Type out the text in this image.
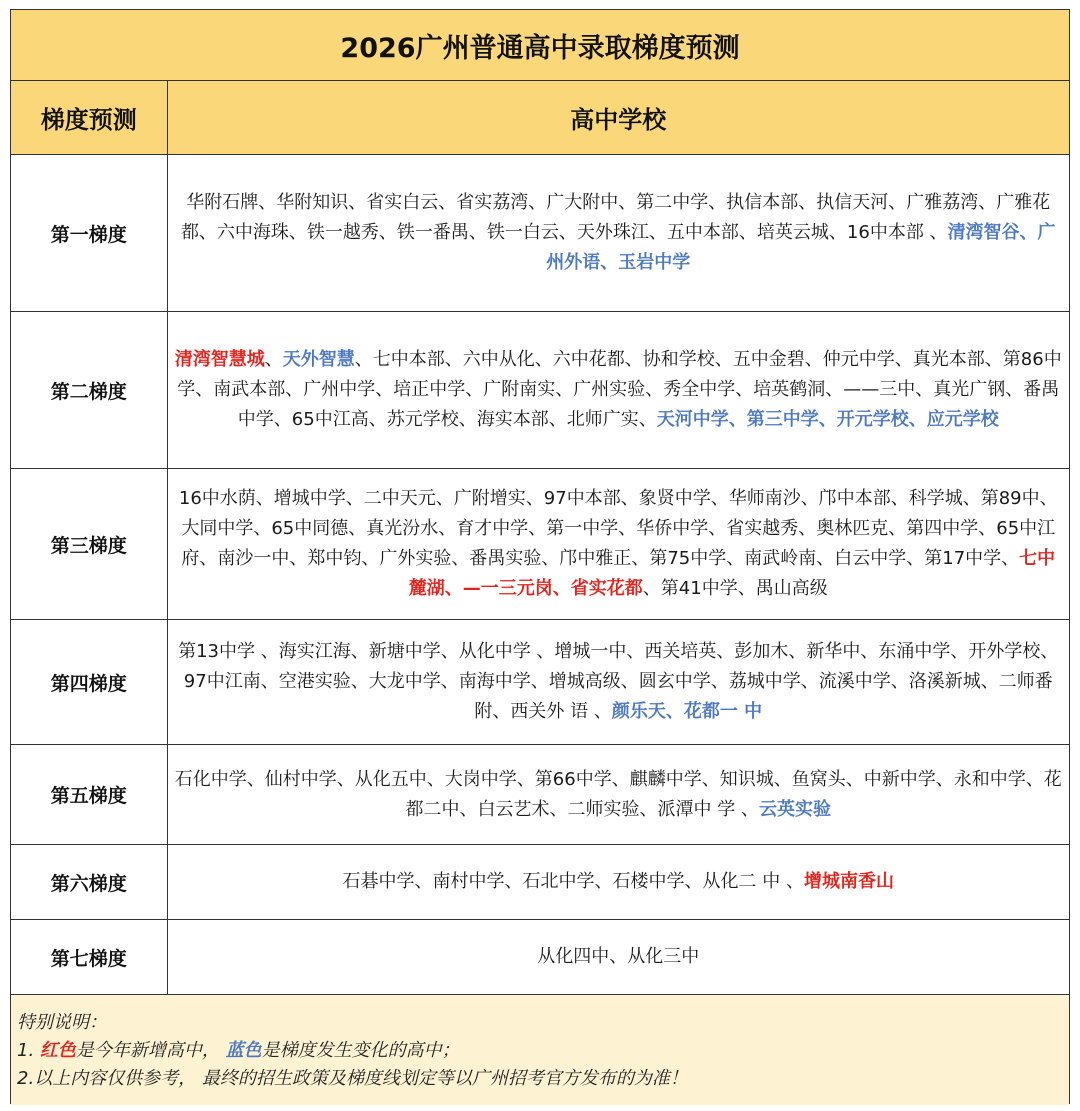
2026广州普通高中录取梯度预测
梯度预测	高中学校
第一梯度	华附石牌、华附知识、省实白云、省实荔湾、广大附中、第二中学、执信本部、执信天河、广雅荔湾、广雅花都、六中海珠、铁一越秀、铁一番禺、铁一白云、天外珠江、五中本部、培英云城、16中本部 、清湾智谷、广州外语、玉岩中学
第二梯度	清湾智慧城、天外智慧、七中本部、六中从化、六中花都、协和学校、五中金碧、仲元中学、真光本部、第86中学、南武本部、广州中学、培正中学、广附南实、广州实验、秀全中学、培英鹤洞、——三中、真光广钢、番禺中学、65中江高、苏元学校、海实本部、北师广实、天河中学、第三中学、开元学校、应元学校
第三梯度	16中水荫、增城中学、二中天元、广附增实、97中本部、象贤中学、华师南沙、邝中本部、科学城、第89中、大同中学、65中同德、真光汾水、育才中学、第一中学、华侨中学、省实越秀、奥林匹克、第四中学、65中江府、南沙一中、郑中钧、广外实验、番禺实验、邝中雅正、第75中学、南武岭南、白云中学、第17中学、七中麓湖、—一三元岗、省实花都、第41中学、禺山高级
第四梯度	第13中学 、海实江海、新塘中学、从化中学 、增城一中、西关培英、彭加木、新华中、东涌中学、开外学校、97中江南、空港实验、大龙中学、南海中学、增城高级、圆玄中学、荔城中学、流溪中学、洛溪新城、二师番附、西关外 语 、颜乐天、花都一 中
第五梯度	石化中学、仙村中学、从化五中、大岗中学、第66中学、麒麟中学、知识城、鱼窝头、中新中学、永和中学、花都二中、白云艺术、二师实验、派潭中 学 、云英实验
第六梯度	石碁中学、南村中学、石北中学、石楼中学、从化二 中 、增城南香山
第七梯度	从化四中、从化三中
特别说明：
1. 红色是今年新增高中， 蓝色是梯度发生变化的高中；
2.以上内容仅供参考， 最终的招生政策及梯度线划定等以广州招考官方发布的为准！
